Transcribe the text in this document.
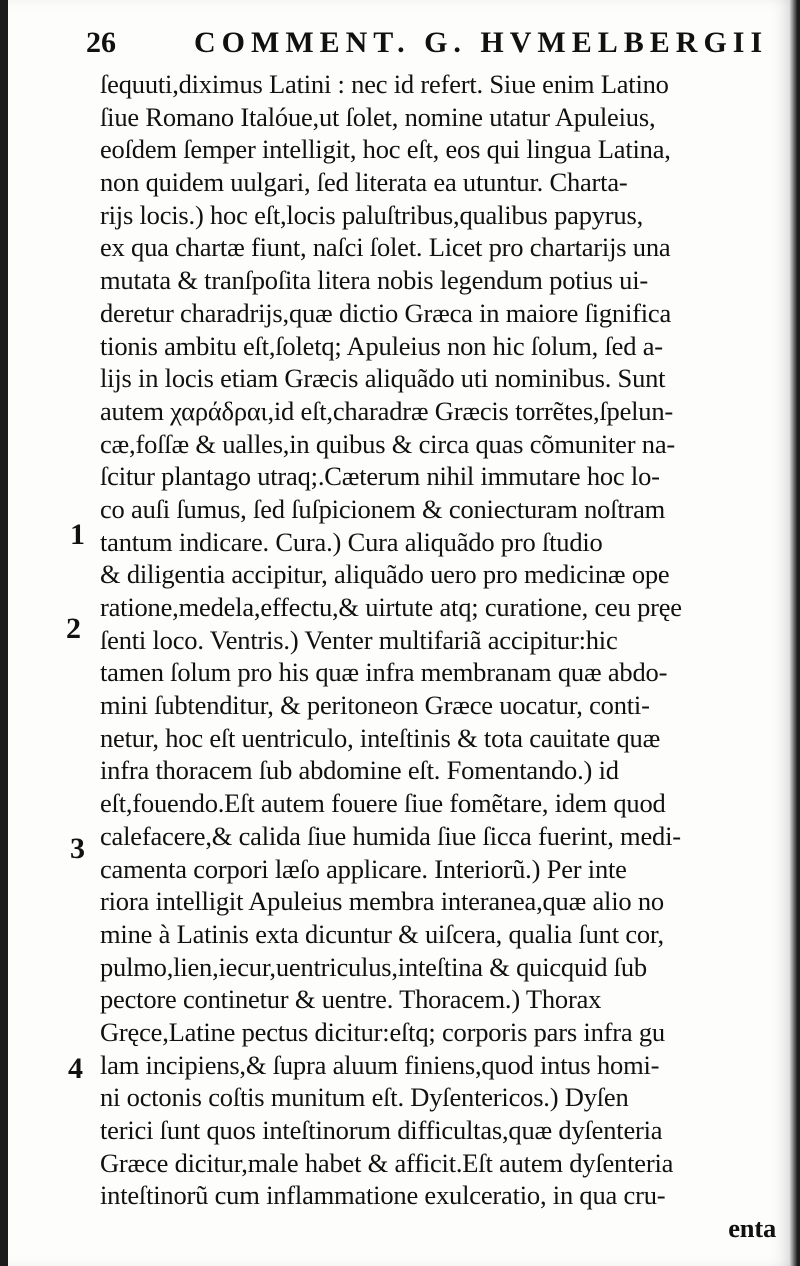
26	COMMENT. G. HVMELBERGII
1
2
3
4
ſequuti,diximus Latini : nec id refert. Siue enim Latino
ſiue Romano Italóue,ut ſolet, nomine utatur Apuleius,
eoſdem ſemper intelligit, hoc eſt, eos qui lingua Latina,
non quidem uulgari, ſed literata ea utuntur. Charta-
rijs locis.) hoc eſt,locis paluſtribus,qualibus papyrus,
ex qua chartæ fiunt, naſci ſolet. Licet pro chartarijs una
mutata & tranſpoſita litera nobis legendum potius ui-
deretur charadrijs,quæ dictio Græca in maiore ſignifica
tionis ambitu eſt,ſoletq; Apuleius non hic ſolum, ſed a-
lijs in locis etiam Græcis aliquãdo uti nominibus. Sunt
autem χαράδραι,id eſt,charadræ Græcis torrẽtes,ſpelun-
cæ,foſſæ & ualles,in quibus & circa quas cõmuniter na-
ſcitur plantago utraq;.Cæterum nihil immutare hoc lo-
co auſi ſumus, ſed ſuſpicionem & coniecturam noſtram
tantum indicare. Cura.) Cura aliquãdo pro ſtudio
& diligentia accipitur, aliquãdo uero pro medicinæ ope
ratione,medela,effectu,& uirtute atq; curatione, ceu pręe
ſenti loco. Ventris.) Venter multifariã accipitur:hic
tamen ſolum pro his quæ infra membranam quæ abdo-
mini ſubtenditur, & peritoneon Græce uocatur, conti-
netur, hoc eſt uentriculo, inteſtinis & tota cauitate quæ
infra thoracem ſub abdomine eſt. Fomentando.) id
eſt,fouendo.Eſt autem fouere ſiue fomẽtare, idem quod
calefacere,& calida ſiue humida ſiue ſicca fuerint, medi-
camenta corpori læſo applicare. Interiorũ.) Per inte
riora intelligit Apuleius membra interanea,quæ alio no
mine à Latinis exta dicuntur & uiſcera, qualia ſunt cor,
pulmo,lien,iecur,uentriculus,inteſtina & quicquid ſub
pectore continetur & uentre. Thoracem.) Thorax
Gręce,Latine pectus dicitur:eſtq; corporis pars infra gu
lam incipiens,& ſupra aluum finiens,quod intus homi-
ni octonis coſtis munitum eſt. Dyſentericos.) Dyſen
terici ſunt quos inteſtinorum difficultas,quæ dyſenteria
Græce dicitur,male habet & afficit.Eſt autem dyſenteria
inteſtinorũ cum inflammatione exulceratio, in qua cru-
enta
